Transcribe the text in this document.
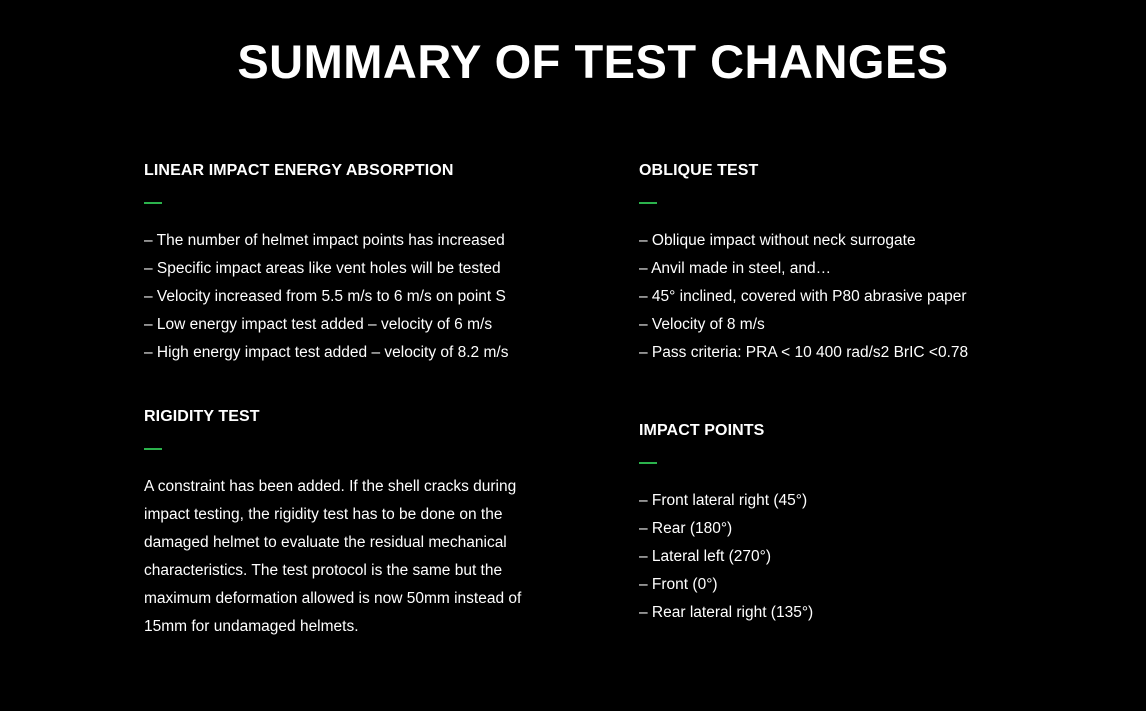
SUMMARY OF TEST CHANGES
LINEAR IMPACT ENERGY ABSORPTION
– The number of helmet impact points has increased
– Specific impact areas like vent holes will be tested
– Velocity increased from 5.5 m/s to 6 m/s on point S
– Low energy impact test added – velocity of 6 m/s
– High energy impact test added – velocity of 8.2 m/s
OBLIQUE TEST
– Oblique impact without neck surrogate
– Anvil made in steel, and…
– 45° inclined, covered with P80 abrasive paper
– Velocity of 8 m/s
– Pass criteria: PRA < 10 400 rad/s2 BrIC <0.78
RIGIDITY TEST

A constraint has been added. If the shell cracks during impact testing, the rigidity test has to be done on the damaged helmet to evaluate the residual mechanical characteristics. The test protocol is the same but the maximum deformation allowed is now 50mm instead of 15mm for undamaged helmets.

IMPACT POINTS
– Front lateral right (45°)
– Rear (180°)
– Lateral left (270°)
– Front (0°)
– Rear lateral right (135°)
